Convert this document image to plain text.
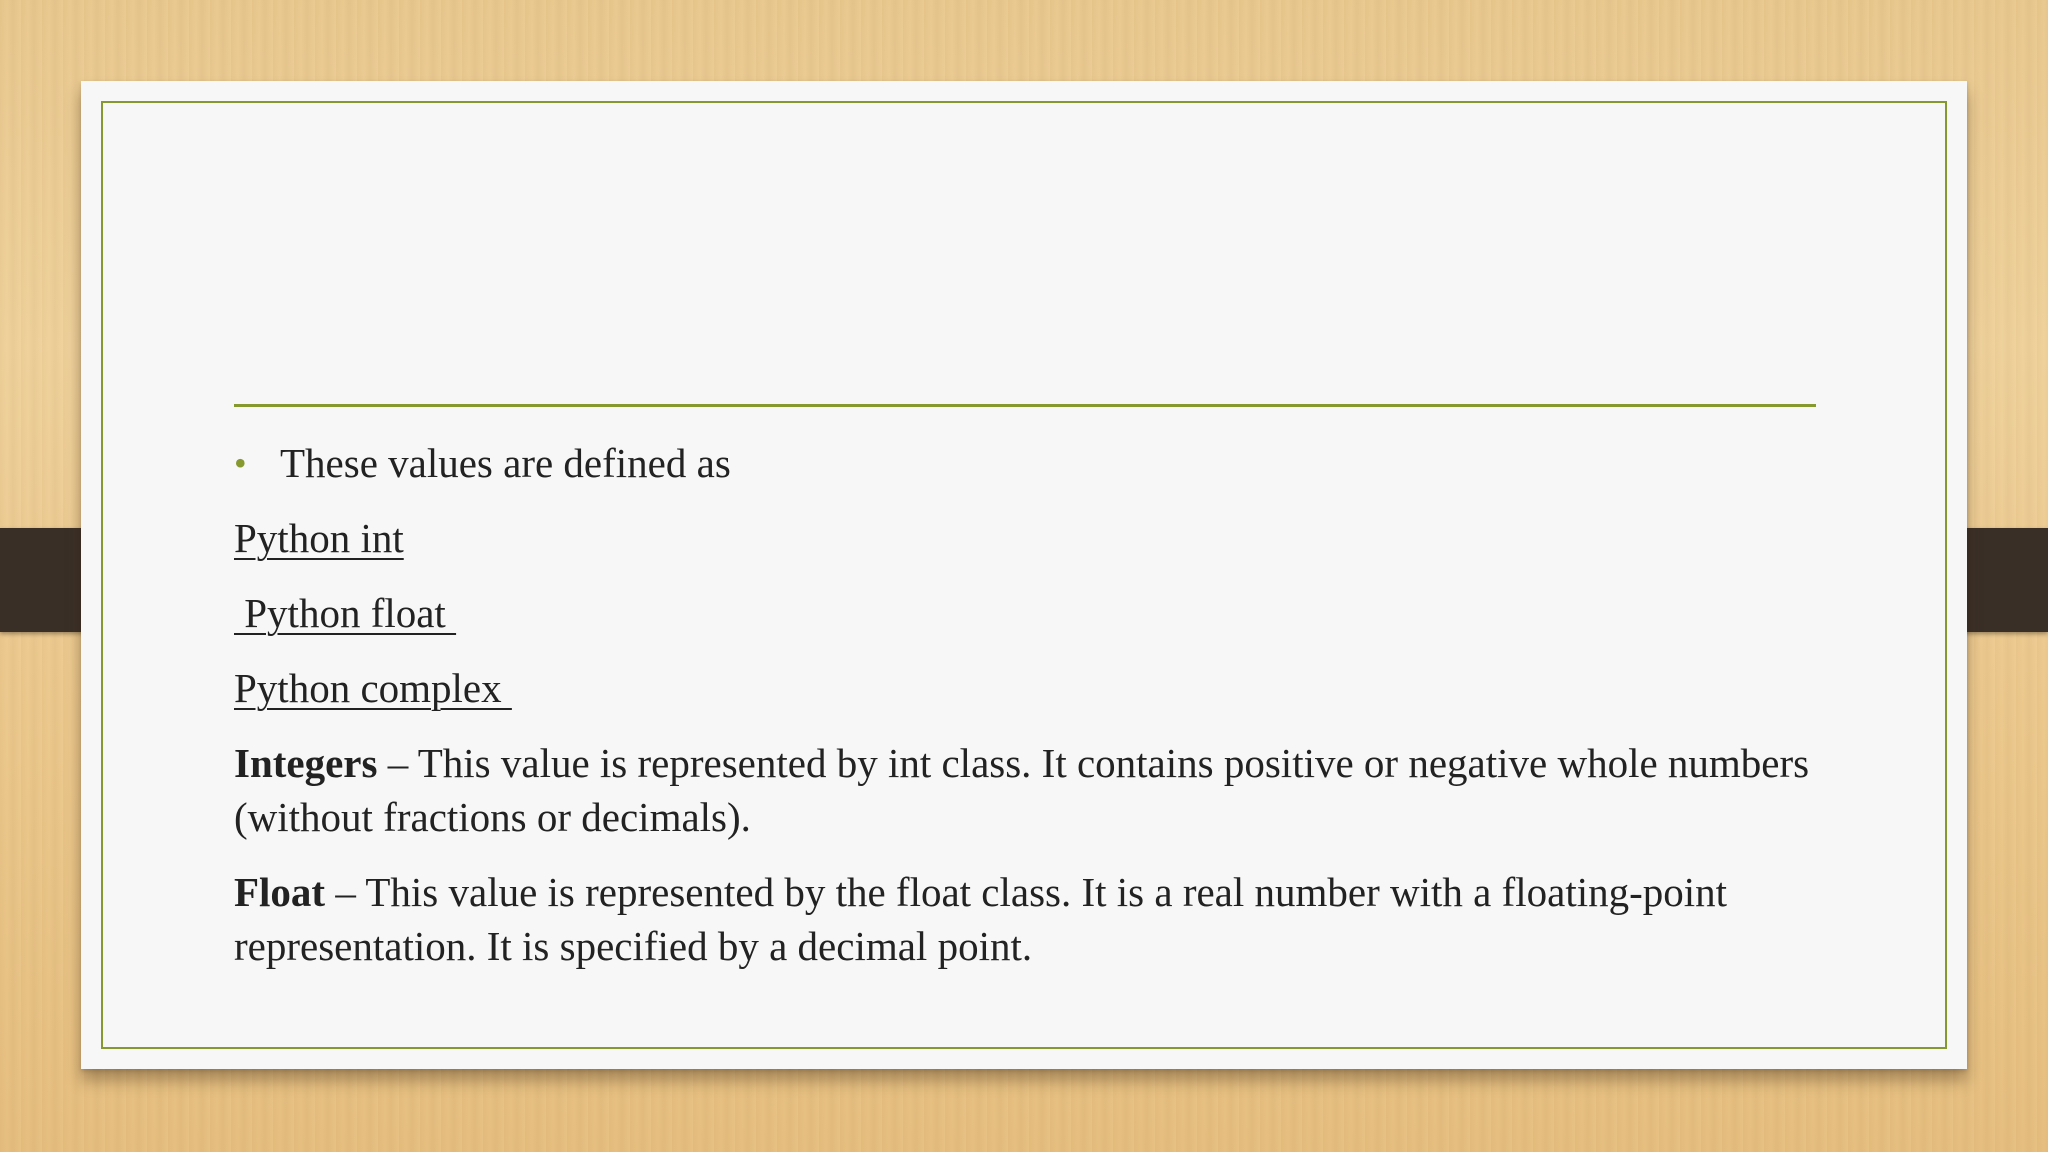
• These values are defined as
Python int
Python float
Python complex

Integers – This value is represented by int class. It contains positive or negative whole numbers (without fractions or decimals).

Float – This value is represented by the float class. It is a real number with a floating-point representation. It is specified by a decimal point.
